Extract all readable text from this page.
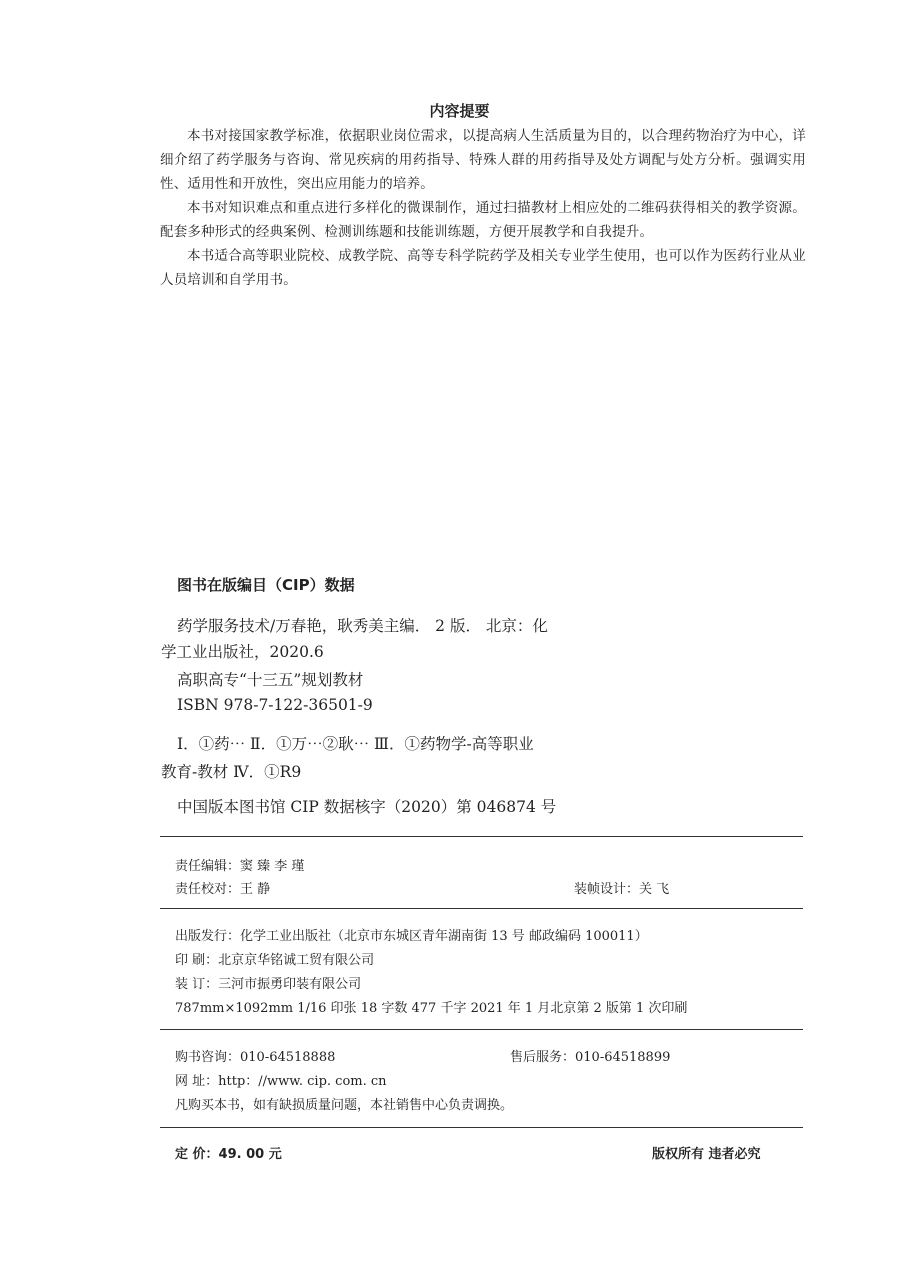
内容提要

本书对接国家教学标准，依据职业岗位需求，以提高病人生活质量为目的，以合理药物治疗为中心，详细介绍了药学服务与咨询、常见疾病的用药指导、特殊人群的用药指导及处方调配与处方分析。强调实用性、适用性和开放性，突出应用能力的培养。

本书对知识难点和重点进行多样化的微课制作，通过扫描教材上相应处的二维码获得相关的教学资源。配套多种形式的经典案例、检测训练题和技能训练题，方便开展教学和自我提升。

本书适合高等职业院校、成教学院、高等专科学院药学及相关专业学生使用，也可以作为医药行业从业人员培训和自学用书。

图书在版编目（CIP）数据
药学服务技术/万春艳，耿秀美主编． 2 版． 北京：化
学工业出版社，2020.6
高职高专“十三五”规划教材
ISBN 978-7-122-36501-9
Ⅰ．①药⋯ Ⅱ．①万⋯②耿⋯ Ⅲ．①药物学-高等职业
教育-教材 Ⅳ．①R9
中国版本图书馆 CIP 数据核字（2020）第 046874 号
责任编辑：窦 臻 李 瑾
责任校对：王 静	装帧设计：关 飞
出版发行：化学工业出版社（北京市东城区青年湖南街 13 号 邮政编码 100011）
印 刷：北京京华铭诚工贸有限公司
装 订：三河市振勇印装有限公司
787mm×1092mm 1/16 印张 18 字数 477 千字 2021 年 1 月北京第 2 版第 1 次印刷
购书咨询：010-64518888	售后服务：010-64518899
网 址：http：//www. cip. com. cn
凡购买本书，如有缺损质量问题，本社销售中心负责调换。
定 价：49. 00 元	版权所有 违者必究
